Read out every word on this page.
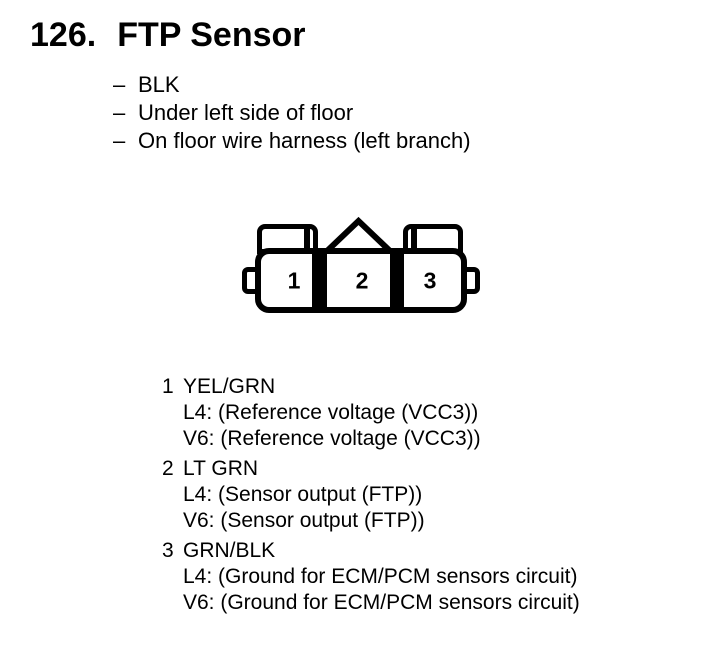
126. FTP Sensor
– BLK
– Under left side of floor
– On floor wire harness (left branch)
1 2 3
1 YEL/GRN
L4: (Reference voltage (VCC3))
V6: (Reference voltage (VCC3))
2 LT GRN
L4: (Sensor output (FTP))
V6: (Sensor output (FTP))
3 GRN/BLK
L4: (Ground for ECM/PCM sensors circuit)
V6: (Ground for ECM/PCM sensors circuit)
